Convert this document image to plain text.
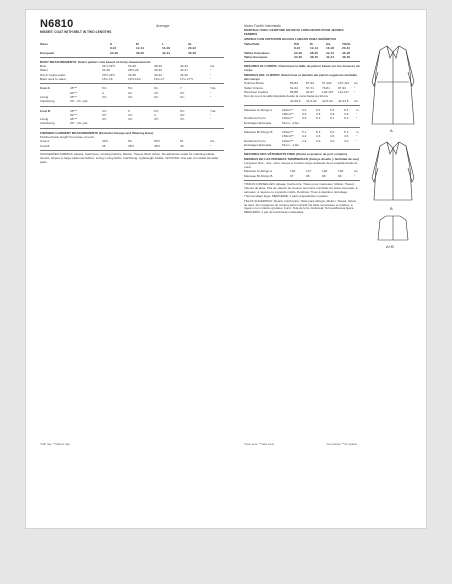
N6810	Average	Moins Facile/ Intermedio
MISSES' COAT WITH BELT IN TWO LENGTHS	MANTEAU AVEC CEINTURE EN DEUX LONGUEURS POUR JEUNES FEMMES
ABRIGO CON CINTURÓN EN DOS LARGOS PARA SEÑORITAS
Sizes	S	M	L	XL
8-10	12-14	16-18	20-22
European	34-36	38-40	42-44	46-48
BODY MEASUREMENTS: Select pattern size based on body measurements
Bust	31½-32½	34-36	38-40	42-44	Ins.
Waist	24-25	26½-28	30-32	34-37	"
Hip-9" below waist	33½-34½	36-38	40-42	44-46	"
Back neck to waist	15¾-16	16½-16¾	16¾-17	17¼-17½	"
Coat A	45"**	5⅝	5⅝	6¼	7	Yds.
60"**	4	4¼	4½	4½	"
Lining	45"**	3⅝	3⅝	3¾	3¾	"
Interfacing	20" - 2¾ yds.
Coat B	45"**	4⅝	5	5⅝	5⅝	Yds.
60"**	3½	3⅝	4	4⅛	"
Lining	45"**	4½	4½	4½	4½	"
Interfacing	20" - 2⅛ yds.
FINISHED GARMENT MEASUREMENTS (Excludes Design and Wearing Ease)
Finished back length from base of neck
Coat A	49½	50	50½	51	Ins.
Coat B	38	38½	38½	39	"
SUGGESTED FABRICS: Alpaca, Cashmere, Coating Fabrics, Melton, Tweed, Wool Velour. No allowance made for matching plaids, checks, stripes or large patterned fabrics. Lining: Lining fabric. Interfacing: Lightweight fusible. NOTIONS: One pair of molded shoulder pads.
Taille/Talla	P/S	M	G/L	TG/XL
8-10	12-14	16-18	20-22
Tailles françaises	34-36	38-40	42-44	46-48
Tallas Europeas	34-36	38-40	42-44	46-48
MESURES DU CORPS: Choisissez la taille du patron basée sur les mesures du corps
MEDIDAS DEL CUERPO: Seleccione el tamaño del patrón según las medidas del cuerpo
Poitrine/ Busto	80-83	87-92	97-102 107-112 cm
Taille/ Cintura	61-64	67-71	76-81	87-94	"
Hanches/ Cadera	85-88	92-97	102-107 112-117 "
Dos de cou à la taille/ Espalda desde la nuca hasta la cintura
40-40.5 41.5-42 42.5-43 44-44.5 cm
Manteau A/ Abrigo A	115cm**	6.2	6.2	6.3	6.4 m
150cm**	3.5	3.5	3.8	3.9 "
Doublure/ Forro	115cm**	5.0	5.1	5.1	5.3 "
Entoilage/ Entretela	51cm - 2.5m
Manteau B/ Abrigo B	115cm**	5.1	5.3	5.0	5.3 m
150cm**	4.2	4.3	4.5	4.5 "
Doublure/ Forro	115cm**	2.9	2.9	4.0	4.0 "
Entoilage/ Entretela	51cm - 1.9m
MESURES DES VÊTEMENTS FINIS (Ourlet et aisance de port compris)
MEDIDAS DE LAS PRENDAS TERMINADAS (Incluye diseño y facilidad de uso)
Longueur finie - dos, votre rouque à l'ourlet/ Largo acabado de la espalda desde la nuca
Manteau A/ Abrigo A	126	127	128	130	cm
Manteau B/ Abrigo B	97	98	98	99	"
TISSUS CONSEILLÉS: Alpaga, Cachemire, Tissus pour manteaux, Molton, Tweed, Velours de laine. Pas de valeurs de couture pour faire coïncider les tissus écossais, à carreaux, à rayures ou à grands motifs. Doublure: Tissu à doublure. Entoilage: Thermocollant léger. MERCERIE: 1 paire d'épaulettes moulées.
TELAS SUGERIDAS: Alpaca, Cachemira, Telas para abrigos, Melton, Tweed, Velour de lana. Sin márgenes de costura para coincidir las telas escocesas, a cuadros, a rayas o con motivos grandes. Forro: Tela de forro. Entretela: Termoadhesiva ligera. MERCERÍA: 1 par de hombreras moldeadas.
*with nap **without nap	*avec sens **sans sens	*con pelusa **sin pelusa
A
B
A+B
